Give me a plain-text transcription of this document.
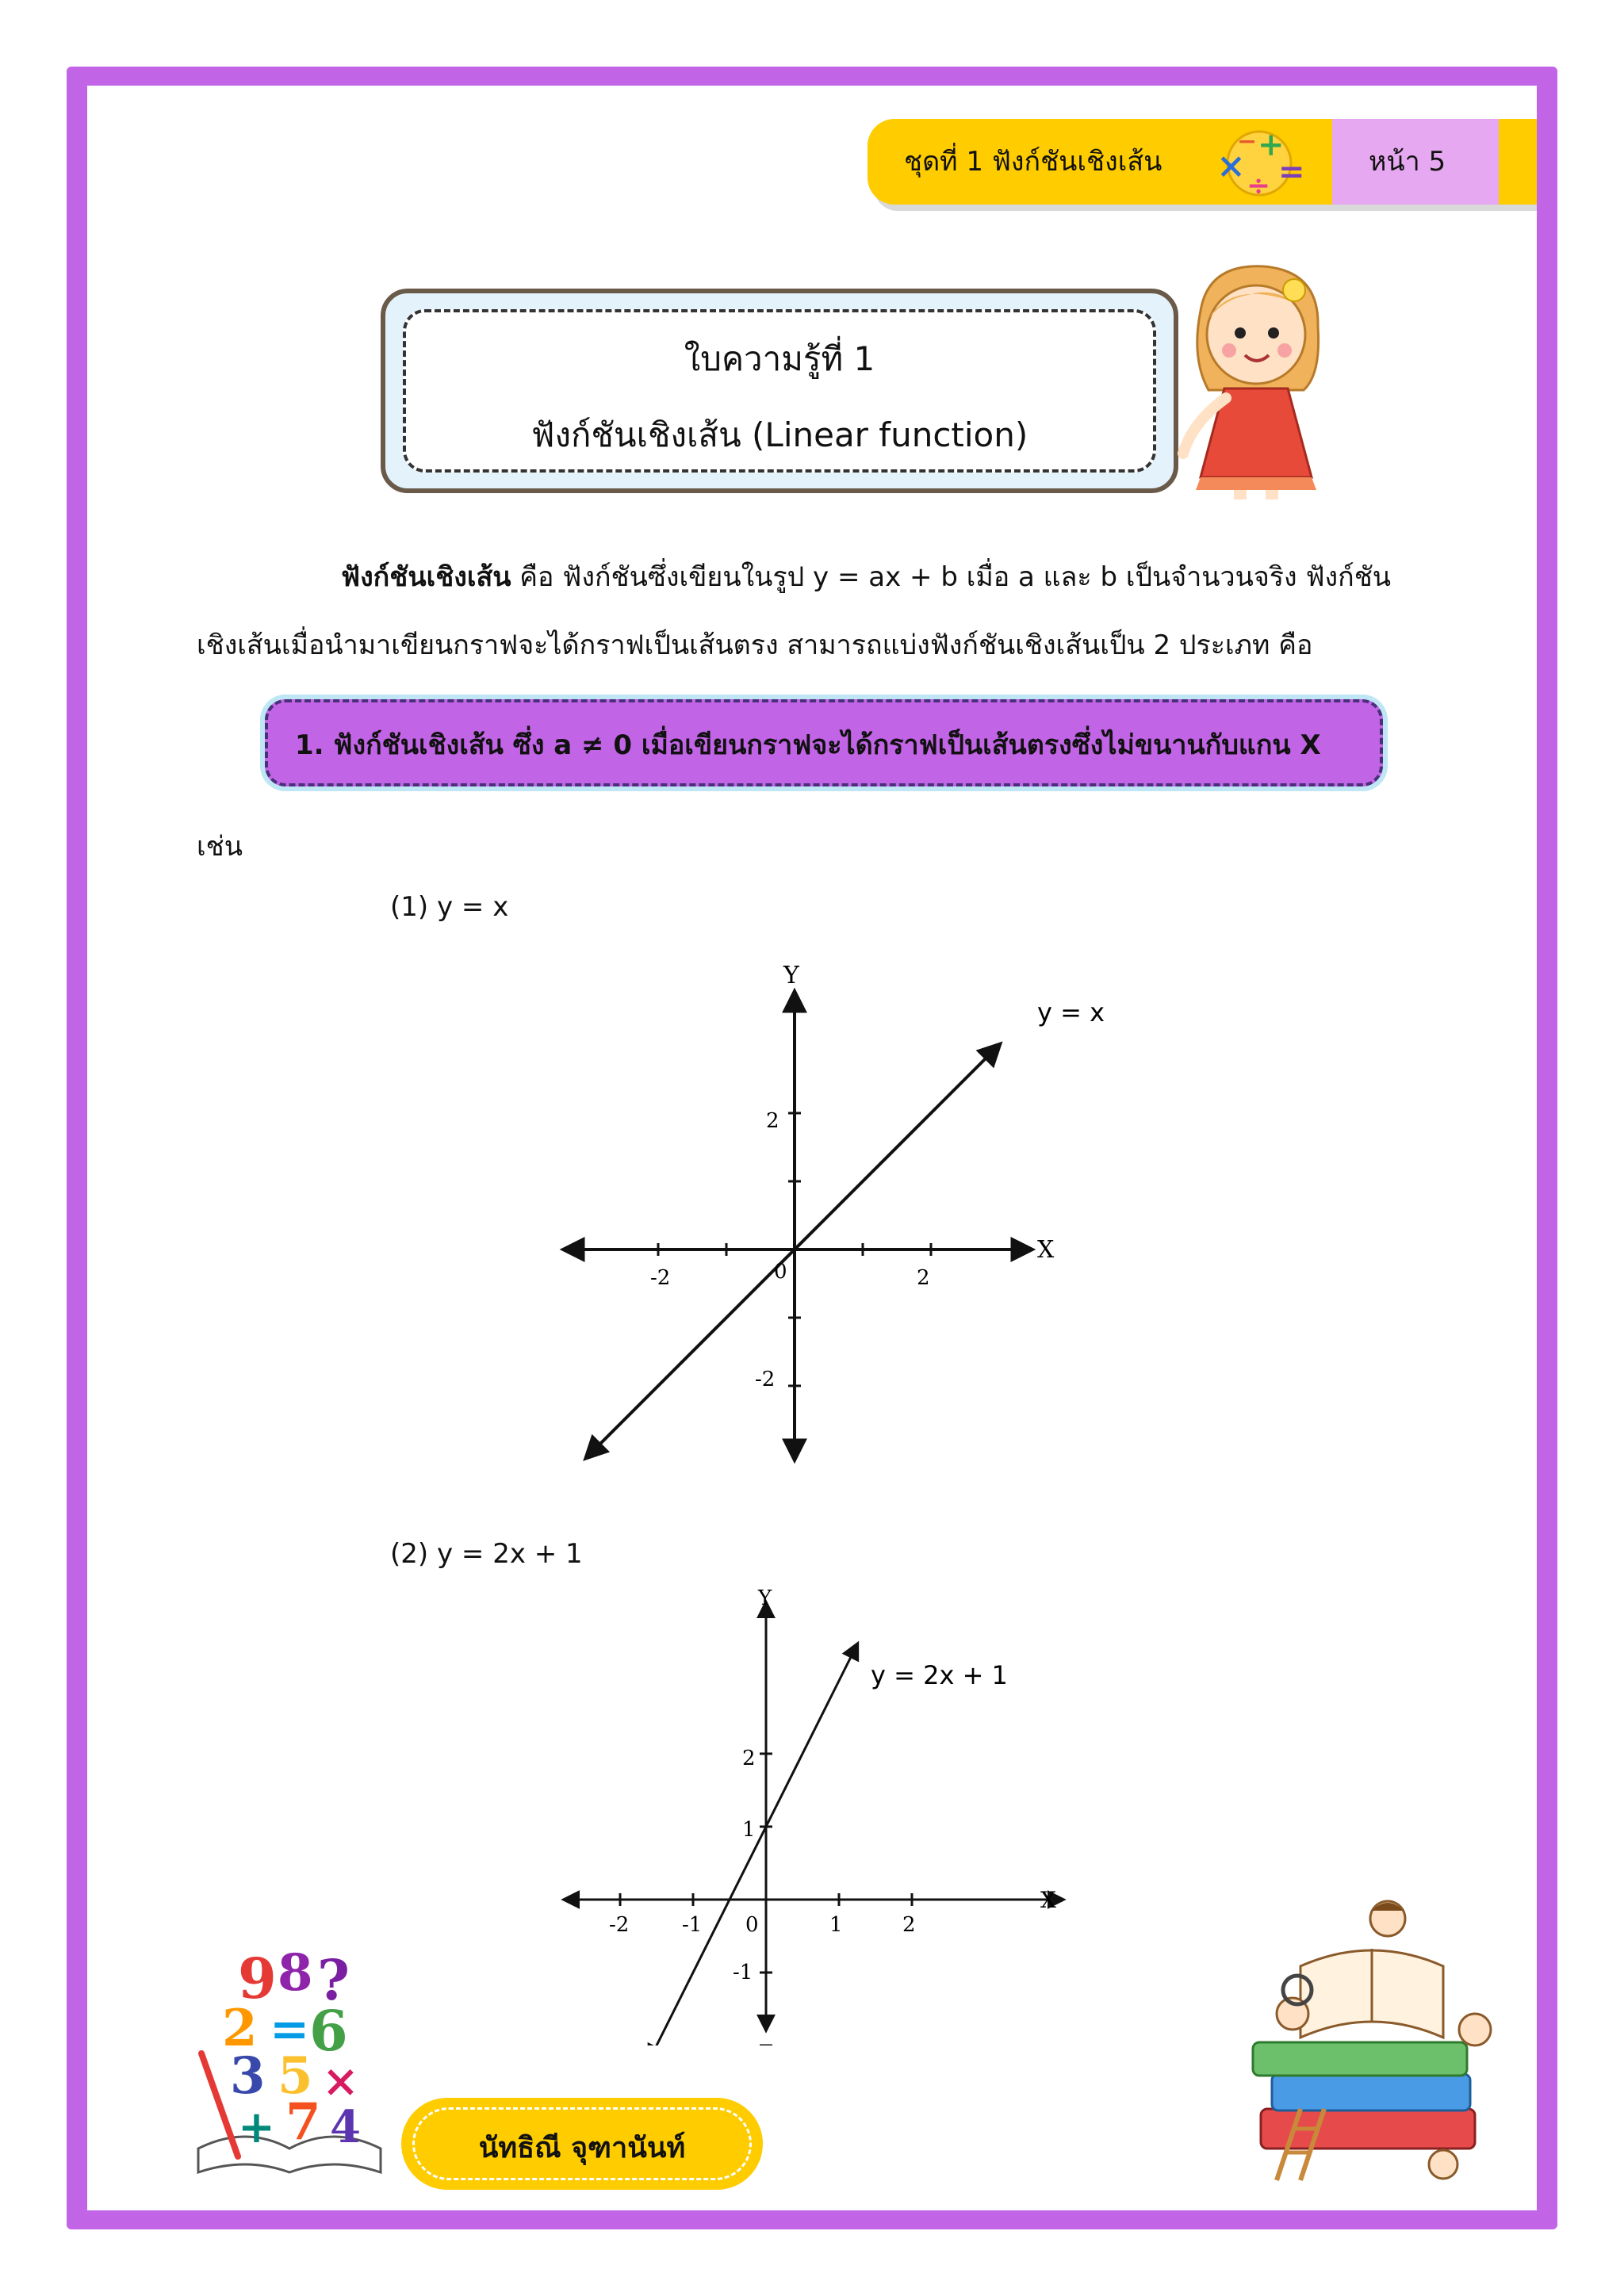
ชุดที่ 1 ฟังก์ชันเชิงเส้น ×
+
÷ =
−
หน้า 5
ใบความรู้ที่ 1
ฟังก์ชันเชิงเส้น (Linear function)
ฟังก์ชันเชิงเส้น คือ ฟังก์ชันซึ่งเขียนในรูป y = ax + b เมื่อ a และ b เป็นจำนวนจริง ฟังก์ชัน
เชิงเส้นเมื่อนำมาเขียนกราฟจะได้กราฟเป็นเส้นตรง สามารถแบ่งฟังก์ชันเชิงเส้นเป็น 2 ประเภท คือ
1. ฟังก์ชันเชิงเส้น ซึ่ง a ≠ 0 เมื่อเขียนกราฟจะได้กราฟเป็นเส้นตรงซึ่งไม่ขนานกับแกน X
เช่น
(1) y = x
X
Y
0
-2	2
2
-2
y = x
(2) y = 2x + 1
X
Y
0
-2	-1	1	2
2
1
-1
y = 2x + 1
9 8 ?
2 = 6
3 5 ×
+ 7 4	นัทธิณี จุฑานันท์
